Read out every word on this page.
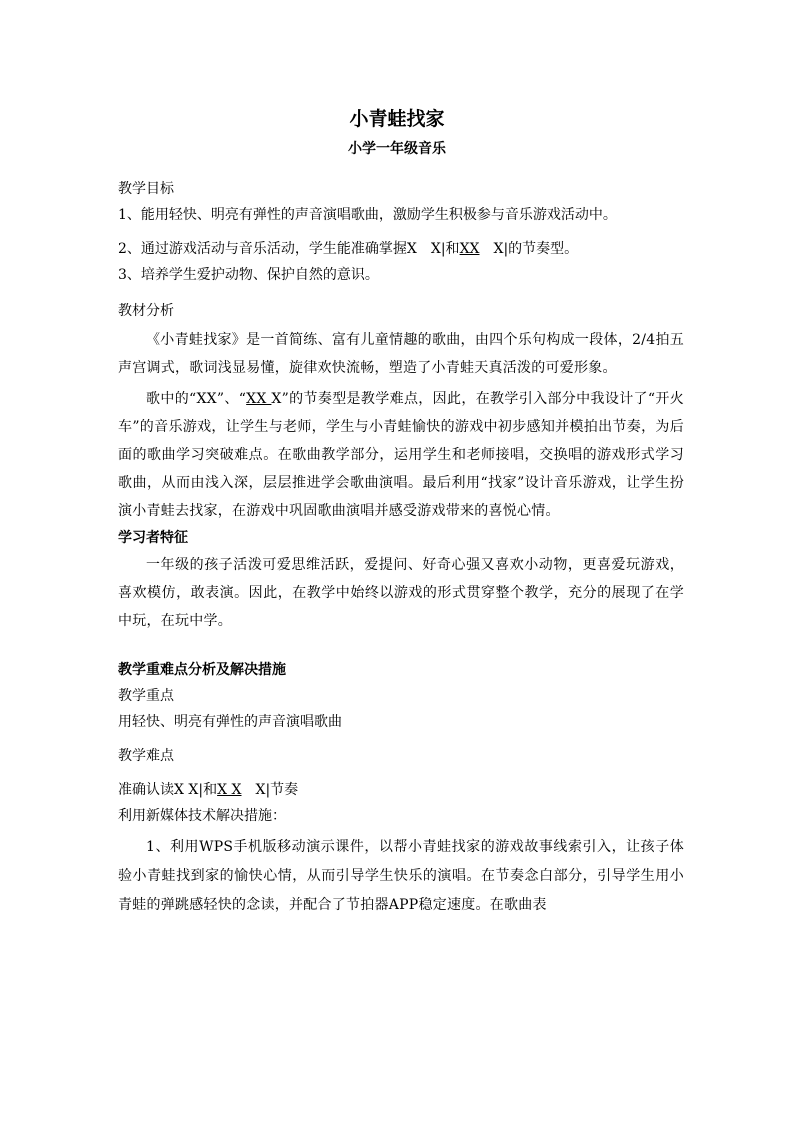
小青蛙找家
小学一年级音乐
教学目标
1、能用轻快、明亮有弹性的声音演唱歌曲，激励学生积极参与音乐游戏活动中。
2、通过游戏活动与音乐活动，学生能准确掌握X　X|和XX　X|的节奏型。
3、培养学生爱护动物、保护自然的意识。
教材分析
《小青蛙找家》是一首简练、富有儿童情趣的歌曲，由四个乐句构成一段体，2/4拍五声宫调式，歌词浅显易懂，旋律欢快流畅，塑造了小青蛙天真活泼的可爱形象。
歌中的“XX”、“XX X”的节奏型是教学难点，因此，在教学引入部分中我设计了“开火车”的音乐游戏，让学生与老师，学生与小青蛙愉快的游戏中初步感知并模拍出节奏，为后面的歌曲学习突破难点。在歌曲教学部分，运用学生和老师接唱，交换唱的游戏形式学习歌曲，从而由浅入深，层层推进学会歌曲演唱。最后利用“找家”设计音乐游戏，让学生扮演小青蛙去找家，在游戏中巩固歌曲演唱并感受游戏带来的喜悦心情。
学习者特征
一年级的孩子活泼可爱思维活跃，爱提问、好奇心强又喜欢小动物，更喜爱玩游戏，喜欢模仿，敢表演。因此，在教学中始终以游戏的形式贯穿整个教学，充分的展现了在学中玩，在玩中学。
教学重难点分析及解决措施
教学重点
用轻快、明亮有弹性的声音演唱歌曲
教学难点
准确认读X X|和X X　X|节奏
利用新媒体技术解决措施：
1、利用WPS手机版移动演示课件，以帮小青蛙找家的游戏故事线索引入，让孩子体验小青蛙找到家的愉快心情，从而引导学生快乐的演唱。在节奏念白部分，引导学生用小青蛙的弹跳感轻快的念读，并配合了节拍器APP稳定速度。在歌曲表
